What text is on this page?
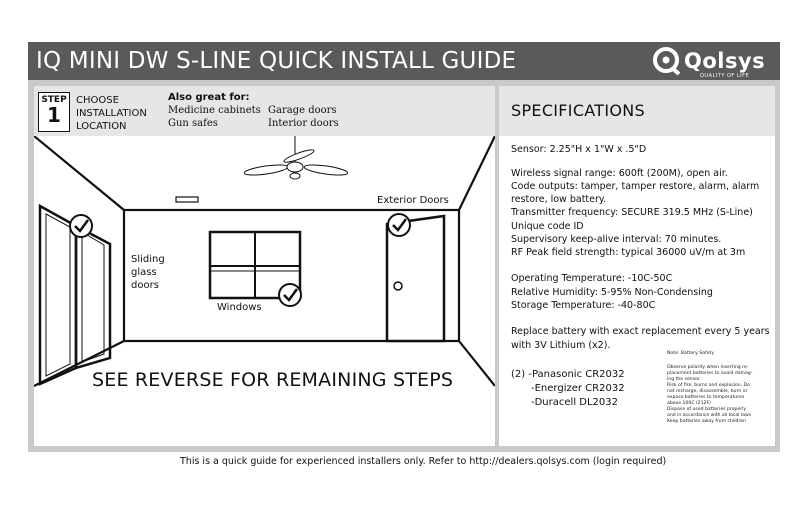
IQ MINI DW S-LINE QUICK INSTALL GUIDE	Qolsys
QUALITY OF LIFE
STEP
1
CHOOSE
INSTALLATION
LOCATION
Also great for:
Medicine cabinets
Gun safes
Garage doors
Interior doors
Exterior Doors
Sliding
glass
doors
Windows
SEE REVERSE FOR REMAINING STEPS
SPECIFICATIONS
Sensor: 2.25"H x 1"W x .5"D
Wireless signal range: 600ft (200M), open air.
Code outputs: tamper, tamper restore, alarm, alarm
restore, low battery.
Transmitter frequency: SECURE 319.5 MHz (S-Line)
Unique code ID
Supervisory keep-alive interval: 70 minutes.
RF Peak field strength: typical 36000 uV/m at 3m
Operating Temperature: -10C-50C
Relative Humidity: 5-95% Non-Condensing
Storage Temperature: -40-80C
Replace battery with exact replacement every 5 years
with 3V Lithium (x2).
(2) -Panasonic CR2032
-Energizer CR2032
-Duracell DL2032
Note: Battery Safety
Observe polarity when inserting re-
placement batteries to avoid damag-
ing the sensor.
Risk of fire, burns and explosion. Do
not recharge, disassemble, burn or
expose batteries to temperatures
above 100C (212F)
Dispose of used batteries properly
and in accordance with all local laws
Keep batteries away from children
This is a quick guide for experienced installers only. Refer to http://dealers.qolsys.com (login required)
